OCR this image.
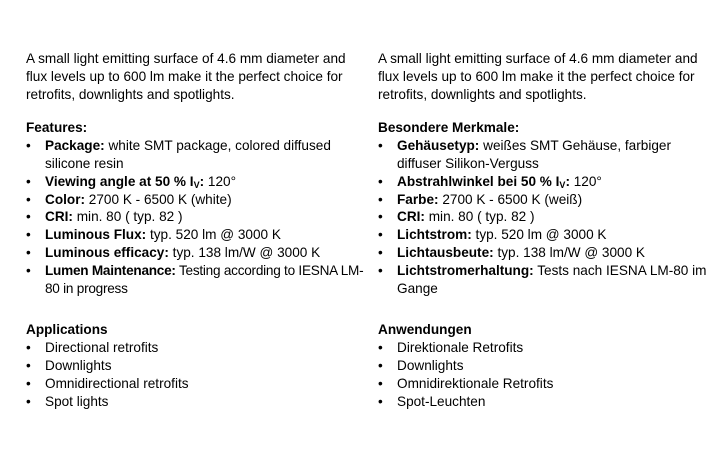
A small light emitting surface of 4.6 mm diameter and flux levels up to 600 lm make it the perfect choice for retrofits, downlights and spotlights.

Features:

• Package: white SMT package, colored diffused silicone resin
• Viewing angle at 50 % $I_V$: 120°
• Color: 2700 K - 6500 K (white)
• CRI: min. 80 ( typ. 82 )
• Luminous Flux: typ. 520 lm @ 3000 K
• Luminous efficacy: typ. 138 lm/W @ 3000 K
• Lumen Maintenance: Testing according to IESNA LM-80 in progress

Applications

• Directional retrofits
• Downlights
• Omnidirectional retrofits
• Spot lights

A small light emitting surface of 4.6 mm diameter and flux levels up to 600 lm make it the perfect choice for retrofits, downlights and spotlights.

Besondere Merkmale:

• Gehäusetyp: weißes SMT Gehäuse, farbiger diffuser Silikon-Verguss
• Abstrahlwinkel bei 50 % $I_V$: 120°
• Farbe: 2700 K - 6500 K (weiß)
• CRI: min. 80 ( typ. 82 )
• Lichtstrom: typ. 520 lm @ 3000 K
• Lichtausbeute: typ. 138 lm/W @ 3000 K
• Lichtstromerhaltung: Tests nach IESNA LM-80 im Gange

Anwendungen

• Direktionale Retrofits
• Downlights
• Omnidirektionale Retrofits
• Spot-Leuchten
